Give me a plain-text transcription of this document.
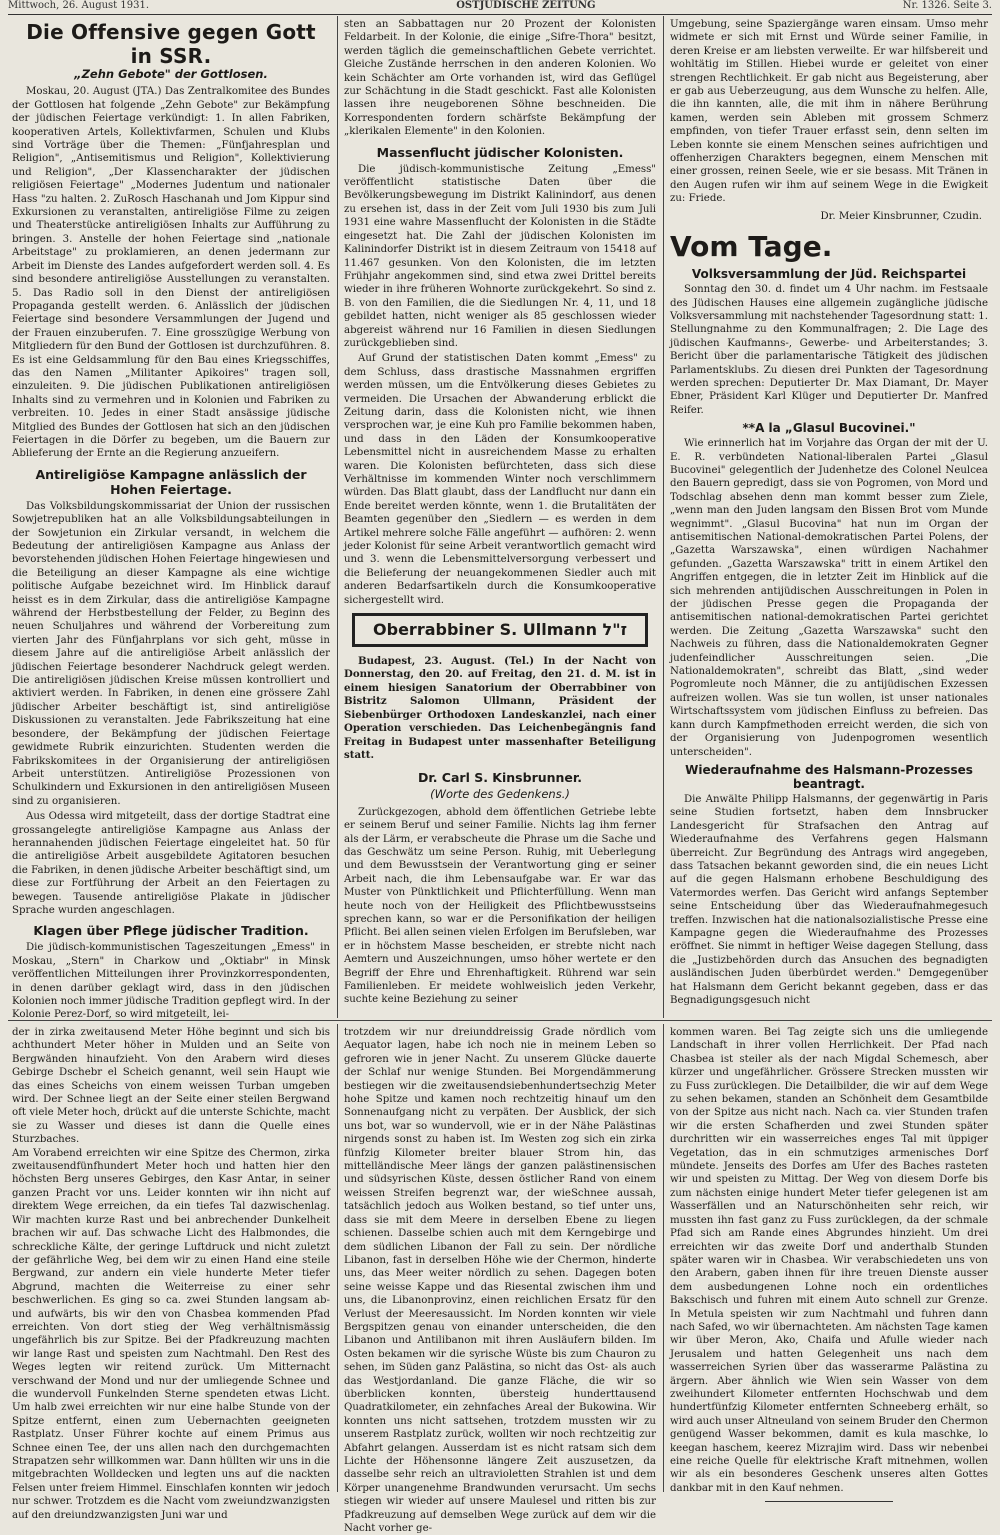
Mittwoch, 26. August 1931.	OSTJÜDISCHE ZEITUNG	Nr. 1326. Seite 3.
Die Offensive gegen Gott in SSR.
„Zehn Gebote" der Gottlosen.

Moskau, 20. August (JTA.) Das Zentralkomitee des Bundes der Gottlosen hat folgende „Zehn Gebote" zur Bekämpfung der jüdischen Feiertage verkündigt: 1. In allen Fabriken, kooperativen Artels, Kollektivfarmen, Schulen und Klubs sind Vorträge über die Themen: „Fünfjahresplan und Religion", „Antisemitismus und Religion", Kollektivierung und Religion", „Der Klassencharakter der jüdischen religiösen Feiertage" „Modernes Judentum und nationaler Hass "zu halten. 2. ZuRosch Haschanah und Jom Kippur sind Exkursionen zu veranstalten, antireligiöse Filme zu zeigen und Theaterstücke antireligiösen Inhalts zur Aufführung zu bringen. 3. Anstelle der hohen Feiertage sind „nationale Arbeitstage" zu proklamieren, an denen jedermann zur Arbeit im Dienste des Landes aufgefordert werden soll. 4. Es sind besondere antireligiöse Ausstellungen zu veranstalten. 5. Das Radio soll in den Dienst der antireligiösen Propaganda gestellt werden. 6. Anlässlich der jüdischen Feiertage sind besondere Versammlungen der Jugend und der Frauen einzuberufen. 7. Eine grosszügige Werbung von Mitgliedern für den Bund der Gottlosen ist durchzuführen. 8. Es ist eine Geldsammlung für den Bau eines Kriegsschiffes, das den Namen „Militanter Apikoires" tragen soll, einzuleiten. 9. Die jüdischen Publikationen antireligiösen Inhalts sind zu vermehren und in Kolonien und Fabriken zu verbreiten. 10. Jedes in einer Stadt ansässige jüdische Mitglied des Bundes der Gottlosen hat sich an den jüdischen Feiertagen in die Dörfer zu begeben, um die Bauern zur Ablieferung der Ernte an die Regierung anzueifern.

Antireligiöse Kampagne anlässlich der Hohen Feiertage.

Das Volksbildungskommissariat der Union der russischen Sowjetrepubliken hat an alle Volksbildungsabteilungen in der Sowjetunion ein Zirkular versandt, in welchem die Bedeutung der antireligiösen Kampagne aus Anlass der bevorstehenden jüdischen Hohen Feiertage hingewiesen und die Beteiligung an dieser Kampagne als eine wichtige politische Aufgabe bezeichnet wird. Im Hinblick darauf heisst es in dem Zirkular, dass die antireligiöse Kampagne während der Herbstbestellung der Felder, zu Beginn des neuen Schuljahres und während der Vorbereitung zum vierten Jahr des Fünfjahrplans vor sich geht, müsse in diesem Jahre auf die antireligiöse Arbeit anlässlich der jüdischen Feiertage besonderer Nachdruck gelegt werden. Die antireligiösen jüdischen Kreise müssen kontrolliert und aktiviert werden. In Fabriken, in denen eine grössere Zahl jüdischer Arbeiter beschäftigt ist, sind antireligiöse Diskussionen zu veranstalten. Jede Fabrikszeitung hat eine besondere, der Bekämpfung der jüdischen Feiertage gewidmete Rubrik einzurichten. Studenten werden die Fabrikskomitees in der Organisierung der antireligiösen Arbeit unterstützen. Antireligiöse Prozessionen von Schulkindern und Exkursionen in den antireligiösen Museen sind zu organisieren.

Aus Odessa wird mitgeteilt, dass der dortige Stadtrat eine grossangelegte antireligiöse Kampagne aus Anlass der herannahenden jüdischen Feiertage eingeleitet hat. 50 für die antireligiöse Arbeit ausgebildete Agitatoren besuchen die Fabriken, in denen jüdische Arbeiter beschäftigt sind, um diese zur Fortführung der Arbeit an den Feiertagen zu bewegen. Tausende antireligiöse Plakate in jüdischer Sprache wurden angeschlagen.

Klagen über Pflege jüdischer Tradition.

Die jüdisch-kommunistischen Tageszeitungen „Emess" in Moskau, „Stern" in Charkow und „Oktiabr" in Minsk veröffentlichen Mitteilungen ihrer Provinzkorrespondenten, in denen darüber geklagt wird, dass in den jüdischen Kolonien noch immer jüdische Tradition gepflegt wird. In der Kolonie Perez-Dorf, so wird mitgeteilt, lei-

sten an Sabbattagen nur 20 Prozent der Kolonisten Feldarbeit. In der Kolonie, die einige „Sifre-Thora" besitzt, werden täglich die gemeinschaftlichen Gebete verrichtet. Gleiche Zustände herrschen in den anderen Kolonien. Wo kein Schächter am Orte vorhanden ist, wird das Geflügel zur Schächtung in die Stadt geschickt. Fast alle Kolonisten lassen ihre neugeborenen Söhne beschneiden. Die Korrespondenten fordern schärfste Bekämpfung der „klerikalen Elemente" in den Kolonien.

Massenflucht jüdischer Kolonisten.

Die jüdisch-kommunistische Zeitung „Emess" veröffentlicht statistische Daten über die Bevölkerungsbewegung im Distrikt Kalinindorf, aus denen zu ersehen ist, dass in der Zeit vom Juli 1930 bis zum Juli 1931 eine wahre Massenflucht der Kolonisten in die Städte eingesetzt hat. Die Zahl der jüdischen Kolonisten im Kalinindorfer Distrikt ist in diesem Zeitraum von 15418 auf 11.467 gesunken. Von den Kolonisten, die im letzten Frühjahr angekommen sind, sind etwa zwei Drittel bereits wieder in ihre früheren Wohnorte zurückgekehrt. So sind z. B. von den Familien, die die Siedlungen Nr. 4, 11, und 18 gebildet hatten, nicht weniger als 85 geschlossen wieder abgereist während nur 16 Familien in diesen Siedlungen zurückgeblieben sind.

Auf Grund der statistischen Daten kommt „Emess" zu dem Schluss, dass drastische Massnahmen ergriffen werden müssen, um die Entvölkerung dieses Gebietes zu vermeiden. Die Ursachen der Abwanderung erblickt die Zeitung darin, dass die Kolonisten nicht, wie ihnen versprochen war, je eine Kuh pro Familie bekommen haben, und dass in den Läden der Konsumkooperative Lebensmittel nicht in ausreichendem Masse zu erhalten waren. Die Kolonisten befürchteten, dass sich diese Verhältnisse im kommenden Winter noch verschlimmern würden. Das Blatt glaubt, dass der Landflucht nur dann ein Ende bereitet werden könnte, wenn 1. die Brutalitäten der Beamten gegenüber den „Siedlern — es werden in dem Artikel mehrere solche Fälle angeführt — aufhören: 2. wenn jeder Kolonist für seine Arbeit verantwortlich gemacht wird und 3. wenn die Lebensmittelversorgung verbessert und die Belieferung der neuangekommenen Siedler auch mit anderen Bedarfsartikeln durch die Konsumkooperative sichergestellt wird.

Oberrabbiner S. Ullmann ז"ל

Budapest, 23. August. (Tel.) In der Nacht von Donnerstag, den 20. auf Freitag, den 21. d. M. ist in einem hiesigen Sanatorium der Oberrabbiner von Bistritz Salomon Ullmann, Präsident der Siebenbürger Orthodoxen Landeskanzlei, nach einer Operation verschieden. Das Leichenbegängnis fand Freitag in Budapest unter massenhafter Beteiligung statt.

Dr. Carl S. Kinsbrunner.
(Worte des Gedenkens.)

Zurückgezogen, abhold dem öffentlichen Getriebe lebte er seinem Beruf und seiner Familie. Nichts lag ihm ferner als der Lärm, er verabscheute die Phrase um die Sache und das Geschwätz um seine Person. Ruhig, mit Ueberlegung und dem Bewusstsein der Verantwortung ging er seiner Arbeit nach, die ihm Lebensaufgabe war. Er war das Muster von Pünktlichkeit und Pflichterfüllung. Wenn man heute noch von der Heiligkeit des Pflichtbewusstseins sprechen kann, so war er die Personifikation der heiligen Pflicht. Bei allen seinen vielen Erfolgen im Berufsleben, war er in höchstem Masse bescheiden, er strebte nicht nach Aemtern und Auszeichnungen, umso höher wertete er den Begriff der Ehre und Ehrenhaftigkeit. Rührend war sein Familienleben. Er meidete wohlweislich jeden Verkehr, suchte keine Beziehung zu seiner

Umgebung, seine Spaziergänge waren einsam. Umso mehr widmete er sich mit Ernst und Würde seiner Familie, in deren Kreise er am liebsten verweilte. Er war hilfsbereit und wohltätig im Stillen. Hiebei wurde er geleitet von einer strengen Rechtlichkeit. Er gab nicht aus Begeisterung, aber er gab aus Ueberzeugung, aus dem Wunsche zu helfen. Alle, die ihn kannten, alle, die mit ihm in nähere Berührung kamen, werden sein Ableben mit grossem Schmerz empfinden, von tiefer Trauer erfasst sein, denn selten im Leben konnte sie einem Menschen seines aufrichtigen und offenherzigen Charakters begegnen, einem Menschen mit einer grossen, reinen Seele, wie er sie besass. Mit Tränen in den Augen rufen wir ihm auf seinem Wege in die Ewigkeit zu: Friede.

Dr. Meier Kinsbrunner, Czudin.
Vom Tage.
Volksversammlung der Jüd. Reichspartei

Sonntag den 30. d. findet um 4 Uhr nachm. im Festsaale des Jüdischen Hauses eine allgemein zugängliche jüdische Volksversammlung mit nachstehender Tagesordnung statt: 1. Stellungnahme zu den Kommunalfragen; 2. Die Lage des jüdischen Kaufmanns-, Gewerbe- und Arbeiterstandes; 3. Bericht über die parlamentarische Tätigkeit des jüdischen Parlamentsklubs. Zu diesen drei Punkten der Tagesordnung werden sprechen: Deputierter Dr. Max Diamant, Dr. Mayer Ebner, Präsident Karl Klüger und Deputierter Dr. Manfred Reifer.

**A la „Glasul Bucovinei."

Wie erinnerlich hat im Vorjahre das Organ der mit der U. E. R. verbündeten National-liberalen Partei „Glasul Bucovinei" gelegentlich der Judenhetze des Colonel Neulcea den Bauern gepredigt, dass sie von Pogromen, von Mord und Todschlag absehen denn man kommt besser zum Ziele, „wenn man den Juden langsam den Bissen Brot vom Munde wegnimmt". „Glasul Bucovina" hat nun im Organ der antisemitischen National-demokratischen Partei Polens, der „Gazetta Warszawska", einen würdigen Nachahmer gefunden. „Gazetta Warszawska" tritt in einem Artikel den Angriffen entgegen, die in letzter Zeit im Hinblick auf die sich mehrenden antijüdischen Ausschreitungen in Polen in der jüdischen Presse gegen die Propaganda der antisemitischen national-demokratischen Partei gerichtet werden. Die Zeitung „Gazetta Warszawska" sucht den Nachweis zu führen, dass die Nationaldemokraten Gegner judenfeindlicher Ausschreitungen seien. „Die Nationaldemokraten", schreibt das Blatt, „sind weder Pogromleute noch Männer, die zu antijüdischen Exzessen aufreizen wollen. Was sie tun wollen, ist unser nationales Wirtschaftssystem vom jüdischen Einfluss zu befreien. Das kann durch Kampfmethoden erreicht werden, die sich von der Organisierung von Judenpogromen wesentlich unterscheiden".

Wiederaufnahme des Halsmann-Prozesses beantragt.

Die Anwälte Philipp Halsmanns, der gegenwärtig in Paris seine Studien fortsetzt, haben dem Innsbrucker Landesgericht für Strafsachen den Antrag auf Wiederaufnahme des Verfahrens gegen Halsmann überreicht. Zur Begründung des Antrags wird angegeben, dass Tatsachen bekannt geworden sind, die ein neues Licht auf die gegen Halsmann erhobene Beschuldigung des Vatermordes werfen. Das Gericht wird anfangs September seine Entscheidung über das Wiederaufnahmegesuch treffen. Inzwischen hat die nationalsozialistische Presse eine Kampagne gegen die Wiederaufnahme des Prozesses eröffnet. Sie nimmt in heftiger Weise dagegen Stellung, dass die „Justizbehörden durch das Ansuchen des begnadigten ausländischen Juden überbürdet werden." Demgegenüber hat Halsmann dem Gericht bekannt gegeben, dass er das Begnadigungsgesuch nicht

der in zirka zweitausend Meter Höhe beginnt und sich bis achthundert Meter höher in Mulden und an Seite von Bergwänden hinaufzieht. Von den Arabern wird dieses Gebirge Dschebr el Scheich genannt, weil sein Haupt wie das eines Scheichs von einem weissen Turban umgeben wird. Der Schnee liegt an der Seite einer steilen Bergwand oft viele Meter hoch, drückt auf die unterste Schichte, macht sie zu Wasser und dieses ist dann die Quelle eines Sturzbaches.
Am Vorabend erreichten wir eine Spitze des Chermon, zirka zweitausendfünfhundert Meter hoch und hatten hier den höchsten Berg unseres Gebirges, den Kasr Antar, in seiner ganzen Pracht vor uns. Leider konnten wir ihn nicht auf direktem Wege erreichen, da ein tiefes Tal dazwischenlag. Wir machten kurze Rast und bei anbrechender Dunkelheit brachen wir auf. Das schwache Licht des Halbmondes, die schreckliche Kälte, der geringe Luftdruck und nicht zuletzt der gefährliche Weg, bei dem wir zu einen Hand eine steile Bergwand, zur andern ein viele hunderte Meter tiefer Abgrund, machten die Weiterreise zu einer sehr beschwerlichen. Es ging so ca. zwei Stunden langsam ab- und aufwärts, bis wir den von Chasbea kommenden Pfad erreichten. Von dort stieg der Weg verhältnismässig ungefährlich bis zur Spitze. Bei der Pfadkreuzung machten wir lange Rast und speisten zum Nachtmahl. Den Rest des Weges legten wir reitend zurück. Um Mitternacht verschwand der Mond und nur der umliegende Schnee und die wundervoll Funkelnden Sterne spendeten etwas Licht. Um halb zwei erreichten wir nur eine halbe Stunde von der Spitze entfernt, einen zum Uebernachten geeigneten Rastplatz. Unser Führer kochte auf einem Primus aus Schnee einen Tee, der uns allen nach den durchgemachten Strapatzen sehr willkommen war. Dann hüllten wir uns in die mitgebrachten Wolldecken und legten uns auf die nackten Felsen unter freiem Himmel. Einschlafen konnten wir jedoch nur schwer. Trotzdem es die Nacht vom zweiundzwanzigsten auf den dreiundzwanzigsten Juni war und

trotzdem wir nur dreiunddreissig Grade nördlich vom Aequator lagen, habe ich noch nie in meinem Leben so gefroren wie in jener Nacht. Zu unserem Glücke dauerte der Schlaf nur wenige Stunden. Bei Morgendämmerung bestiegen wir die zweitausendsiebenhundertsechzig Meter hohe Spitze und kamen noch rechtzeitig hinauf um den Sonnenaufgang nicht zu verpäten. Der Ausblick, der sich uns bot, war so wundervoll, wie er in der Nähe Palästinas nirgends sonst zu haben ist. Im Westen zog sich ein zirka fünfzig Kilometer breiter blauer Strom hin, das mittelländische Meer längs der ganzen palästinensischen und südsyrischen Küste, dessen östlicher Rand von einem weissen Streifen begrenzt war, der wieSchnee aussah, tatsächlich jedoch aus Wolken bestand, so tief unter uns, dass sie mit dem Meere in derselben Ebene zu liegen schienen. Dasselbe schien auch mit dem Kerngebirge und dem südlichen Libanon der Fall zu sein. Der nördliche Libanon, fast in derselben Höhe wie der Chermon, hinderte uns, das Meer weiter nördlich zu sehen. Dagegen boten seine weisse Kappe und das Riesental zwischen ihm und uns, die Libanonprovinz, einen reichlichen Ersatz für den Verlust der Meeresaussicht. Im Norden konnten wir viele Bergspitzen genau von einander unterscheiden, die den Libanon und Antilibanon mit ihren Ausläufern bilden. Im Osten bekamen wir die syrische Wüste bis zum Chauron zu sehen, im Süden ganz Palästina, so nicht das Ost- als auch das Westjordanland. Die ganze Fläche, die wir so überblicken konnten, übersteig hunderttausend Quadratkilometer, ein zehnfaches Areal der Bukowina. Wir konnten uns nicht sattsehen, trotzdem mussten wir zu unserem Rastplatz zurück, wollten wir noch rechtzeitig zur Abfahrt gelangen. Ausserdam ist es nicht ratsam sich dem Lichte der Höhensonne längere Zeit auszusetzen, da dasselbe sehr reich an ultravioletten Strahlen ist und dem Körper unangenehme Brandwunden verursacht. Um sechs stiegen wir wieder auf unsere Maulesel und ritten bis zur Pfadkreuzung auf demselben Wege zurück auf dem wir die Nacht vorher ge-

kommen waren. Bei Tag zeigte sich uns die umliegende Landschaft in ihrer vollen Herrlichkeit. Der Pfad nach Chasbea ist steiler als der nach Migdal Schemesch, aber kürzer und ungefährlicher. Grössere Strecken mussten wir zu Fuss zurücklegen. Die Detailbilder, die wir auf dem Wege zu sehen bekamen, standen an Schönheit dem Gesamtbilde von der Spitze aus nicht nach. Nach ca. vier Stunden trafen wir die ersten Schafherden und zwei Stunden später durchritten wir ein wasserreiches enges Tal mit üppiger Vegetation, das in ein schmutziges armenisches Dorf mündete. Jenseits des Dorfes am Ufer des Baches rasteten wir und speisten zu Mittag. Der Weg von diesem Dorfe bis zum nächsten einige hundert Meter tiefer gelegenen ist am Wasserfällen und an Naturschönheiten sehr reich, wir mussten ihn fast ganz zu Fuss zurücklegen, da der schmale Pfad sich am Rande eines Abgrundes hinzieht. Um drei erreichten wir das zweite Dorf und anderthalb Stunden später waren wir in Chasbea. Wir verabschiedeten uns von den Arabern, gaben ihnen für ihre treuen Dienste ausser dem ausbedungenen Lohne noch ein ordentliches Bakschisch und fuhren mit einem Auto schnell zur Grenze. In Metula speisten wir zum Nachtmahl und fuhren dann nach Safed, wo wir übernachteten. Am nächsten Tage kamen wir über Meron, Ako, Chaifa und Afulle wieder nach Jerusalem und hatten Gelegenheit uns nach dem wasserreichen Syrien über das wasserarme Palästina zu ärgern. Aber ähnlich wie Wien sein Wasser von dem zweihundert Kilometer entfernten Hochschwab und dem hundertfünfzig Kilometer entfernten Schneeberg erhält, so wird auch unser Altneuland von seinem Bruder den Chermon genügend Wasser bekommen, damit es kula maschke, lo keegan haschem, keerez Mizrajim wird. Dass wir nebenbei eine reiche Quelle für elektrische Kraft mitnehmen, wollen wir als ein besonderes Geschenk unseres alten Gottes dankbar mit in den Kauf nehmen.
